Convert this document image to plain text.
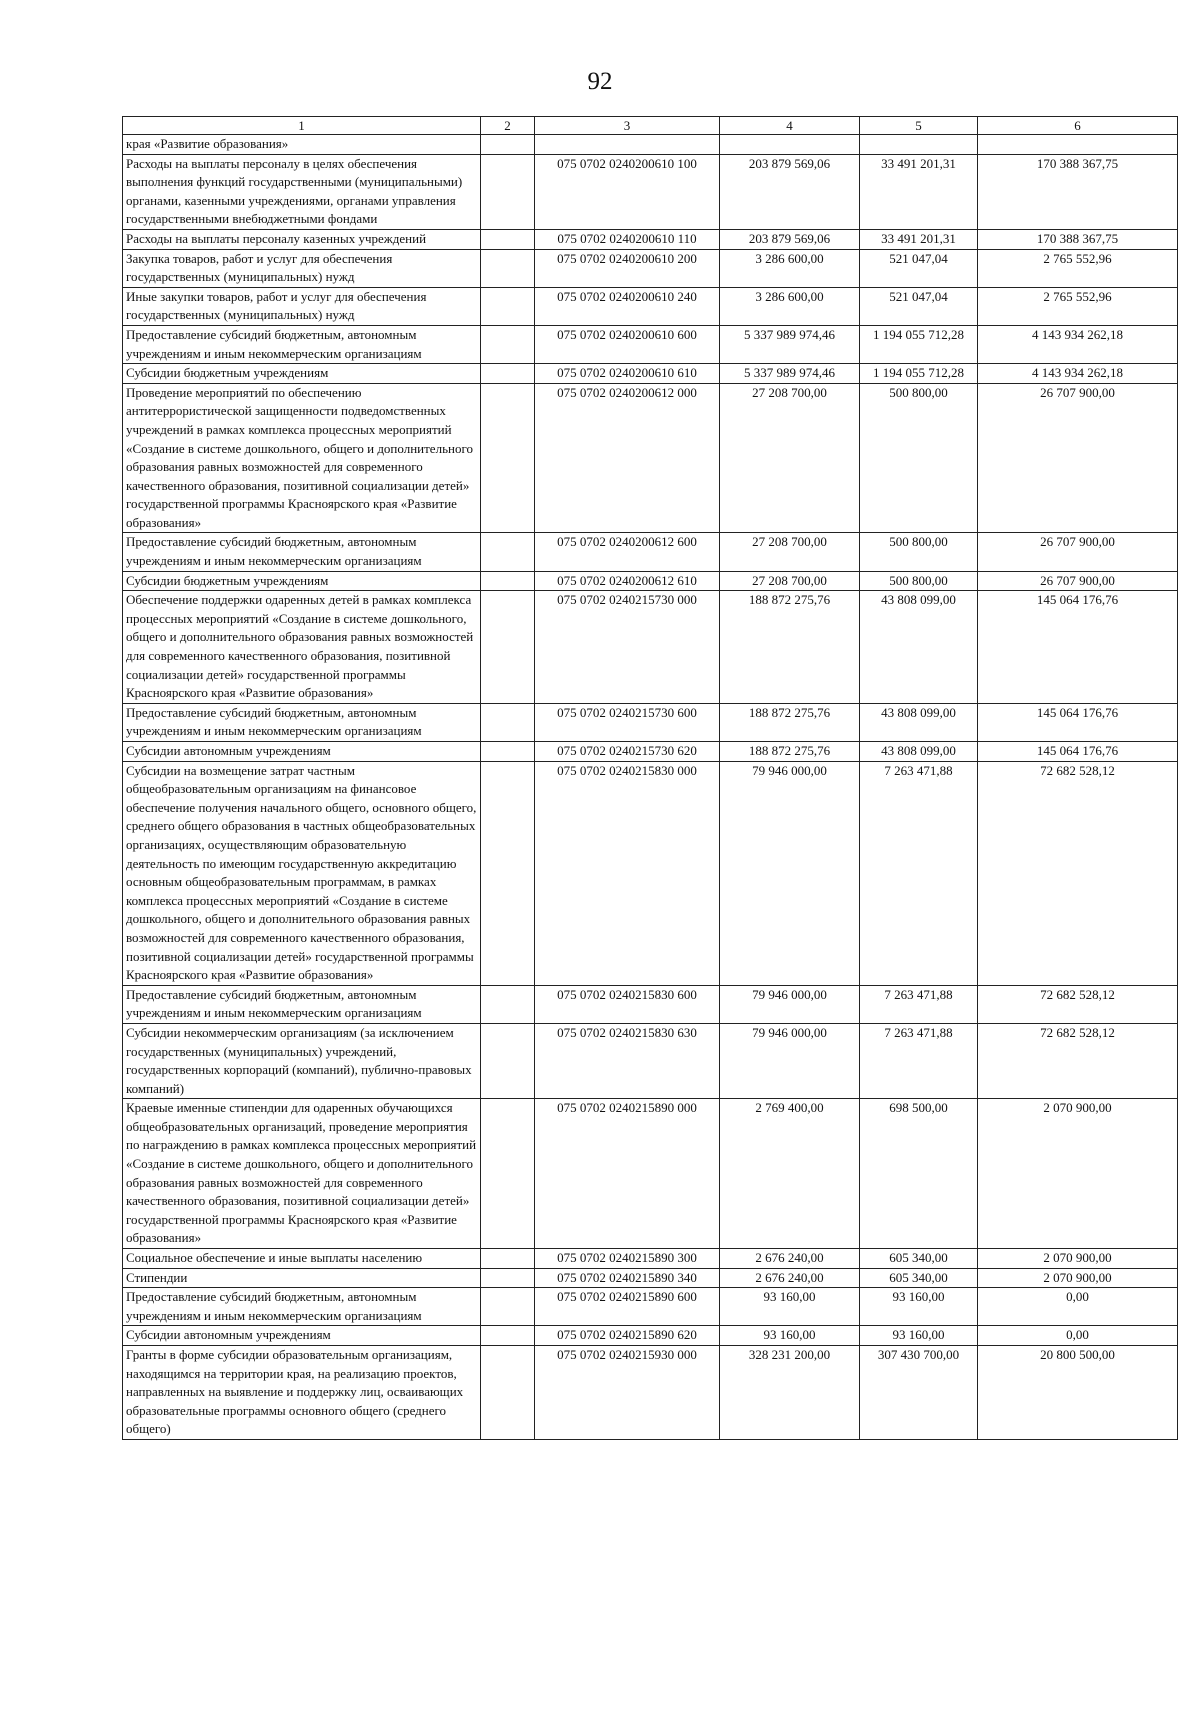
92
1	2	3	4	5	6
края «Развитие образования»					
Расходы на выплаты персоналу в целях обеспечения выполнения функций государственными (муниципальными) органами, казенными учреждениями, органами управления государственными внебюджетными фондами		075 0702 0240200610 100	203 879 569,06	33 491 201,31	170 388 367,75
Расходы на выплаты персоналу казенных учреждений		075 0702 0240200610 110	203 879 569,06	33 491 201,31	170 388 367,75
Закупка товаров, работ и услуг для обеспечения государственных (муниципальных) нужд		075 0702 0240200610 200	3 286 600,00	521 047,04	2 765 552,96
Иные закупки товаров, работ и услуг для обеспечения государственных (муниципальных) нужд		075 0702 0240200610 240	3 286 600,00	521 047,04	2 765 552,96
Предоставление субсидий бюджетным, автономным учреждениям и иным некоммерческим организациям		075 0702 0240200610 600	5 337 989 974,46	1 194 055 712,28	4 143 934 262,18
Субсидии бюджетным учреждениям		075 0702 0240200610 610	5 337 989 974,46	1 194 055 712,28	4 143 934 262,18
Проведение мероприятий по обеспечению антитеррористической защищенности подведомственных учреждений в рамках комплекса процессных мероприятий «Создание в системе дошкольного, общего и дополнительного образования равных возможностей для современного качественного образования, позитивной социализации детей» государственной программы Красноярского края «Развитие образования»		075 0702 0240200612 000	27 208 700,00	500 800,00	26 707 900,00
Предоставление субсидий бюджетным, автономным учреждениям и иным некоммерческим организациям		075 0702 0240200612 600	27 208 700,00	500 800,00	26 707 900,00
Субсидии бюджетным учреждениям		075 0702 0240200612 610	27 208 700,00	500 800,00	26 707 900,00
Обеспечение поддержки одаренных детей в рамках комплекса процессных мероприятий «Создание в системе дошкольного, общего и дополнительного образования равных возможностей для современного качественного образования, позитивной социализации детей» государственной программы Красноярского края «Развитие образования»		075 0702 0240215730 000	188 872 275,76	43 808 099,00	145 064 176,76
Предоставление субсидий бюджетным, автономным учреждениям и иным некоммерческим организациям		075 0702 0240215730 600	188 872 275,76	43 808 099,00	145 064 176,76
Субсидии автономным учреждениям		075 0702 0240215730 620	188 872 275,76	43 808 099,00	145 064 176,76
Субсидии на возмещение затрат частным общеобразовательным организациям на финансовое обеспечение получения начального общего, основного общего, среднего общего образования в частных общеобразовательных организациях, осуществляющим образовательную деятельность по имеющим государственную аккредитацию основным общеобразовательным программам, в рамках комплекса процессных мероприятий «Создание в системе дошкольного, общего и дополнительного образования равных возможностей для современного качественного образования, позитивной социализации детей» государственной программы Красноярского края «Развитие образования»		075 0702 0240215830 000	79 946 000,00	7 263 471,88	72 682 528,12
Предоставление субсидий бюджетным, автономным учреждениям и иным некоммерческим организациям		075 0702 0240215830 600	79 946 000,00	7 263 471,88	72 682 528,12
Субсидии некоммерческим организациям (за исключением государственных (муниципальных) учреждений, государственных корпораций (компаний), публично-правовых компаний)		075 0702 0240215830 630	79 946 000,00	7 263 471,88	72 682 528,12
Краевые именные стипендии для одаренных обучающихся общеобразовательных организаций, проведение мероприятия по награждению в рамках комплекса процессных мероприятий «Создание в системе дошкольного, общего и дополнительного образования равных возможностей для современного качественного образования, позитивной социализации детей» государственной программы Красноярского края «Развитие образования»		075 0702 0240215890 000	2 769 400,00	698 500,00	2 070 900,00
Социальное обеспечение и иные выплаты населению		075 0702 0240215890 300	2 676 240,00	605 340,00	2 070 900,00
Стипендии		075 0702 0240215890 340	2 676 240,00	605 340,00	2 070 900,00
Предоставление субсидий бюджетным, автономным учреждениям и иным некоммерческим организациям		075 0702 0240215890 600	93 160,00	93 160,00	0,00
Субсидии автономным учреждениям		075 0702 0240215890 620	93 160,00	93 160,00	0,00
Гранты в форме субсидии образовательным организациям, находящимся на территории края, на реализацию проектов, направленных на выявление и поддержку лиц, осваивающих образовательные программы основного общего (среднего общего)		075 0702 0240215930 000	328 231 200,00	307 430 700,00	20 800 500,00
